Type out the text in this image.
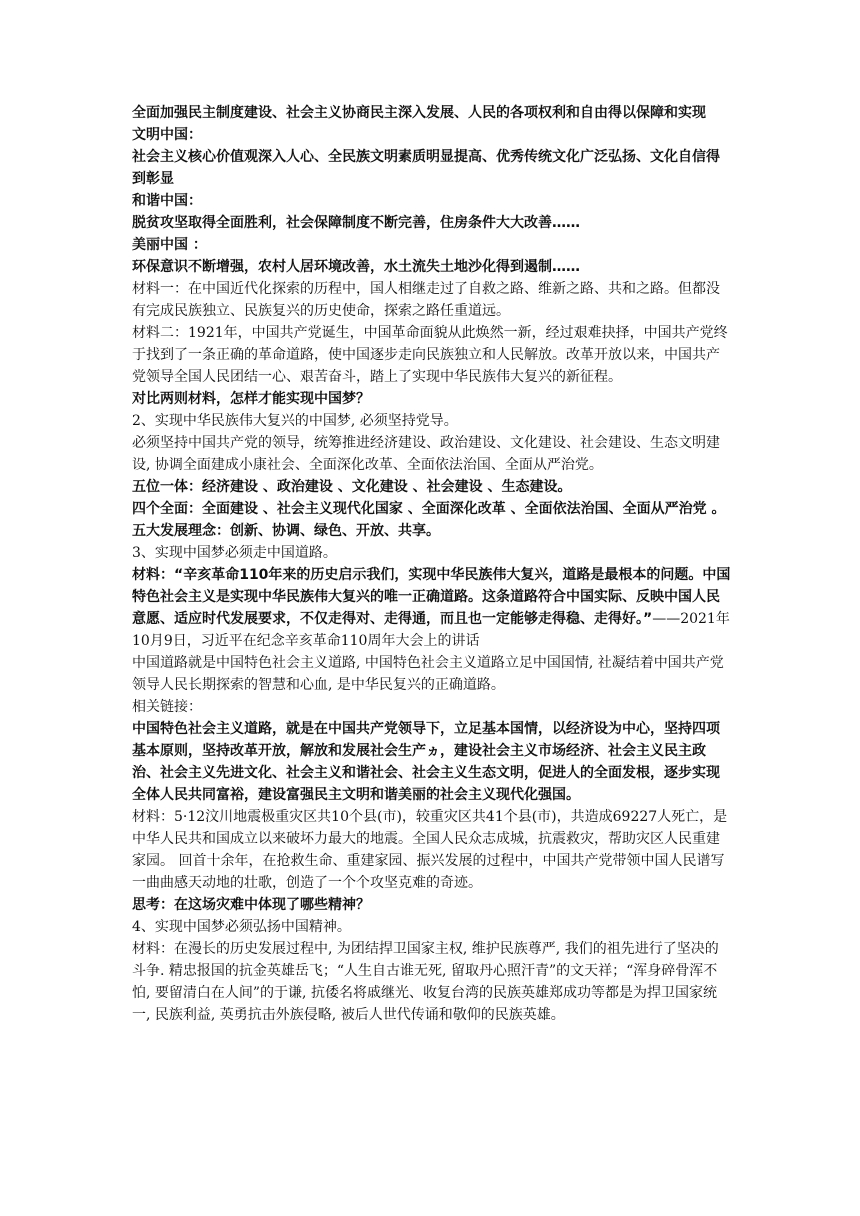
全面加强民主制度建设、社会主义协商民主深入发展、人民的各项权利和自由得以保障和实现

文明中国：

社会主义核心价值观深入人心、全民族文明素质明显提高、优秀传统文化广泛弘扬、文化自信得到彰显

和谐中国：

脱贫攻坚取得全面胜利，社会保障制度不断完善，住房条件大大改善……

美丽中国 ：

环保意识不断增强，农村人居环境改善，水土流失土地沙化得到遏制……

材料一：在中国近代化探索的历程中，国人相继走过了自救之路、维新之路、共和之路。但都没有完成民族独立、民族复兴的历史使命，探索之路任重道远。

材料二：1921年，中国共产党诞生，中国革命面貌从此焕然一新，经过艰难抉择，中国共产党终于找到了一条正确的革命道路，使中国逐步走向民族独立和人民解放。改革开放以来，中国共产党领导全国人民团结一心、艰苦奋斗，踏上了实现中华民族伟大复兴的新征程。

对比两则材料，怎样才能实现中国梦？

2、实现中华民族伟大复兴的中国梦, 必须坚持党导。

必须坚持中国共产党的领导，统筹推进经济建设、政治建设、文化建设、社会建设、生态文明建设, 协调全面建成小康社会、全面深化改革、全面依法治国、全面从严治党。

五位一体：经济建设 、政治建设 、文化建设 、社会建设 、生态建设。

四个全面：全面建设 、社会主义现代化国家 、全面深化改革 、全面依法治国、全面从严治党 。

五大发展理念：创新、协调、绿色、开放、共享。

3、实现中国梦必须走中国道路。

材料：“辛亥革命110年来的历史启示我们，实现中华民族伟大复兴，道路是最根本的问题。中国特色社会主义是实现中华民族伟大复兴的唯一正确道路。这条道路符合中国实际、反映中国人民意愿、适应时代发展要求，不仅走得对、走得通，而且也一定能够走得稳、走得好。”——2021年10月9日，习近平在纪念辛亥革命110周年大会上的讲话

中国道路就是中国特色社会主义道路, 中国特色社会主义道路立足中国国情, 社凝结着中国共产党领导人民长期探索的智慧和心血, 是中华民复兴的正确道路。

相关链接：

中国特色社会主义道路，就是在中国共产党领导下，立足基本国情，以经济设为中心，坚持四项基本原则，坚持改革开放，解放和发展社会生产ヵ，建设社会主义市场经济、社会主义民主政治、社会主义先进文化、社会主义和谐社会、社会主义生态文明，促进人的全面发根，逐步实现全体人民共同富裕，建设富强民主文明和谐美丽的社会主义现代化强国。

材料：5·12汶川地震极重灾区共10个县(市)，较重灾区共41个县(市)，共造成69227人死亡，是中华人民共和国成立以来破坏力最大的地震。全国人民众志成城，抗震救灾，帮助灾区人民重建家园。 回首十余年，在抢救生命、重建家园、振兴发展的过程中，中国共产党带领中国人民谱写一曲曲感天动地的壮歌，创造了一个个攻坚克难的奇迹。

思考：在这场灾难中体现了哪些精神？

4、实现中国梦必须弘扬中国精神。

材料：在漫长的历史发展过程中, 为团结捍卫国家主权, 维护民族尊严, 我们的祖先进行了坚决的斗争. 精忠报国的抗金英雄岳飞；“人生自古谁无死, 留取丹心照汗青”的文天祥；“浑身碎骨浑不怕, 要留清白在人间”的于谦, 抗倭名将戚继光、收复台湾的民族英雄郑成功等都是为捍卫国家统一, 民族利益, 英勇抗击外族侵略, 被后人世代传诵和敬仰的民族英雄。
